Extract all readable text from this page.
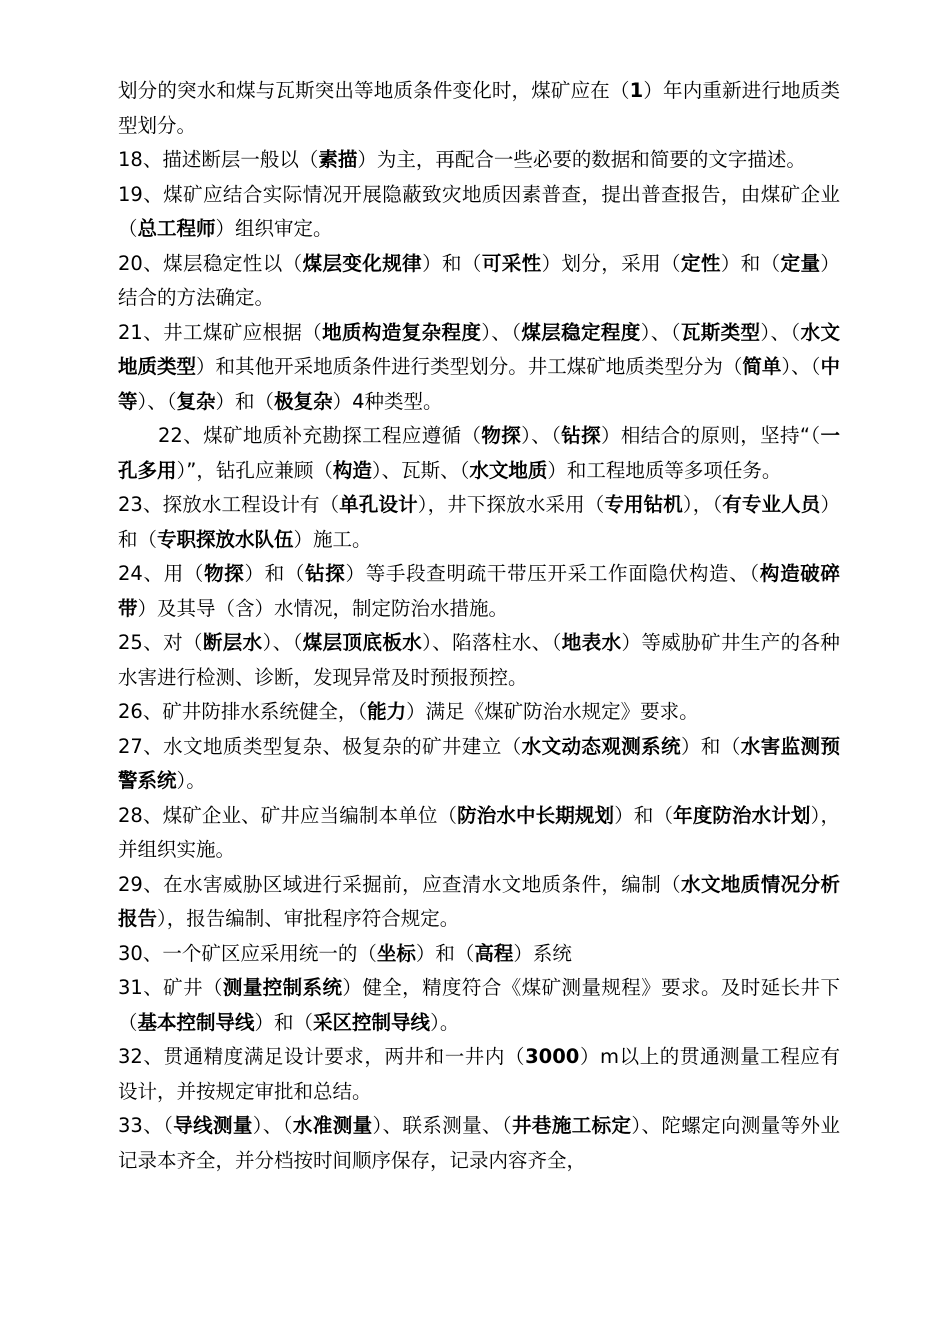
划分的突水和煤与瓦斯突出等地质条件变化时，煤矿应在（1）年内重新进行地质类型划分。

18、描述断层一般以（素描）为主，再配合一些必要的数据和简要的文字描述。

19、煤矿应结合实际情况开展隐蔽致灾地质因素普查，提出普查报告，由煤矿企业（总工程师）组织审定。

20、煤层稳定性以（煤层变化规律）和（可采性）划分，采用（定性）和（定量）结合的方法确定。

21、井工煤矿应根据（地质构造复杂程度）、（煤层稳定程度）、（瓦斯类型）、（水文地质类型）和其他开采地质条件进行类型划分。井工煤矿地质类型分为（简单）、（中等）、（复杂）和（极复杂）4种类型。

22、煤矿地质补充勘探工程应遵循（物探）、（钻探）相结合的原则，坚持“（一孔多用）”，钻孔应兼顾（构造）、瓦斯、（水文地质）和工程地质等多项任务。

23、探放水工程设计有（单孔设计），井下探放水采用（专用钻机），（有专业人员）和（专职探放水队伍）施工。

24、用（物探）和（钻探）等手段查明疏干带压开采工作面隐伏构造、（构造破碎带）及其导（含）水情况，制定防治水措施。

25、对（断层水）、（煤层顶底板水）、陷落柱水、（地表水）等威胁矿井生产的各种水害进行检测、诊断，发现异常及时预报预控。

26、矿井防排水系统健全，（能力）满足《煤矿防治水规定》要求。

27、水文地质类型复杂、极复杂的矿井建立（水文动态观测系统）和（水害监测预警系统）。

28、煤矿企业、矿井应当编制本单位（防治水中长期规划）和（年度防治水计划），并组织实施。

29、在水害威胁区域进行采掘前，应查清水文地质条件，编制（水文地质情况分析报告），报告编制、审批程序符合规定。

30、一个矿区应采用统一的（坐标）和（高程）系统

31、矿井（测量控制系统）健全，精度符合《煤矿测量规程》要求。及时延长井下（基本控制导线）和（采区控制导线）。

32、贯通精度满足设计要求，两井和一井内（3000）m以上的贯通测量工程应有设计，并按规定审批和总结。

33、（导线测量）、（水准测量）、联系测量、（井巷施工标定）、陀螺定向测量等外业记录本齐全，并分档按时间顺序保存，记录内容齐全，
